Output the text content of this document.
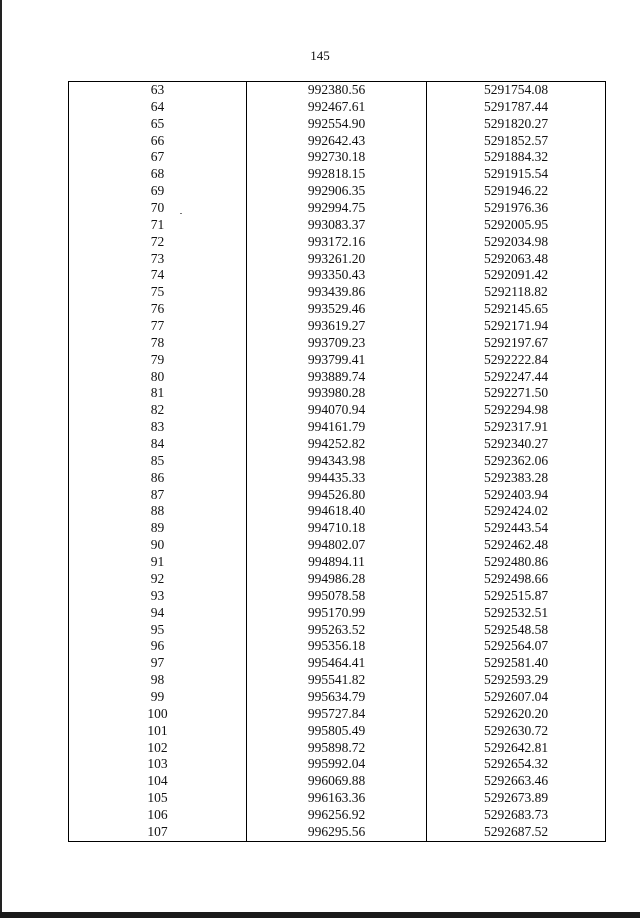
145
63	992380.56	5291754.08
64	992467.61	5291787.44
65	992554.90	5291820.27
66	992642.43	5291852.57
67	992730.18	5291884.32
68	992818.15	5291915.54
69	992906.35	5291946.22
70	992994.75	5291976.36
71	993083.37	5292005.95
72	993172.16	5292034.98
73	993261.20	5292063.48
74	993350.43	5292091.42
75	993439.86	5292118.82
76	993529.46	5292145.65
77	993619.27	5292171.94
78	993709.23	5292197.67
79	993799.41	5292222.84
80	993889.74	5292247.44
81	993980.28	5292271.50
82	994070.94	5292294.98
83	994161.79	5292317.91
84	994252.82	5292340.27
85	994343.98	5292362.06
86	994435.33	5292383.28
87	994526.80	5292403.94
88	994618.40	5292424.02
89	994710.18	5292443.54
90	994802.07	5292462.48
91	994894.11	5292480.86
92	994986.28	5292498.66
93	995078.58	5292515.87
94	995170.99	5292532.51
95	995263.52	5292548.58
96	995356.18	5292564.07
97	995464.41	5292581.40
98	995541.82	5292593.29
99	995634.79	5292607.04
100	995727.84	5292620.20
101	995805.49	5292630.72
102	995898.72	5292642.81
103	995992.04	5292654.32
104	996069.88	5292663.46
105	996163.36	5292673.89
106	996256.92	5292683.73
107	996295.56	5292687.52
